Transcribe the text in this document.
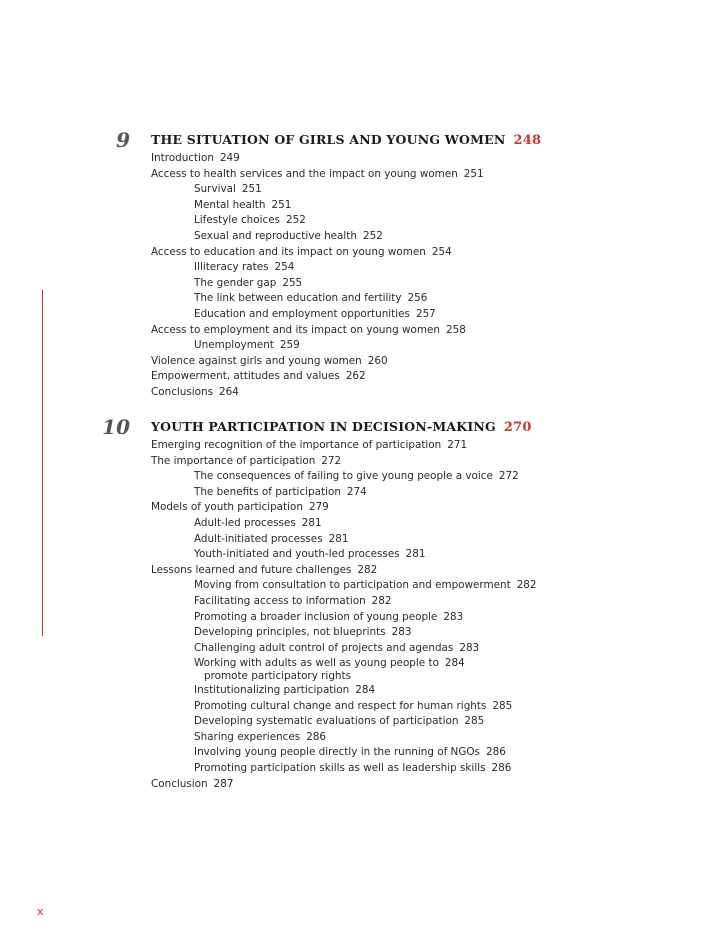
9 THE SITUATION OF GIRLS AND YOUNG WOMEN 248
Introduction 249
Access to health services and the impact on young women 251
Survival 251
Mental health 251
Lifestyle choices 252
Sexual and reproductive health 252
Access to education and its impact on young women 254
Illiteracy rates 254
The gender gap 255
The link between education and fertility 256
Education and employment opportunities 257
Access to employment and its impact on young women 258
Unemployment 259
Violence against girls and young women 260
Empowerment, attitudes and values 262
Conclusions 264
10 YOUTH PARTICIPATION IN DECISION-MAKING 270
Emerging recognition of the importance of participation 271
The importance of participation 272
The consequences of failing to give young people a voice 272
The benefits of participation 274
Models of youth participation 279
Adult-led processes 281
Adult-initiated processes 281
Youth-initiated and youth-led processes 281
Lessons learned and future challenges 282
Moving from consultation to participation and empowerment 282
Facilitating access to information 282
Promoting a broader inclusion of young people 283
Developing principles, not blueprints 283
Challenging adult control of projects and agendas 283
Working with adults as well as young people to 284
promote participatory rights
Institutionalizing participation 284
Promoting cultural change and respect for human rights 285
Developing systematic evaluations of participation 285
Sharing experiences 286
Involving young people directly in the running of NGOs 286
Promoting participation skills as well as leadership skills 286
Conclusion 287
x
